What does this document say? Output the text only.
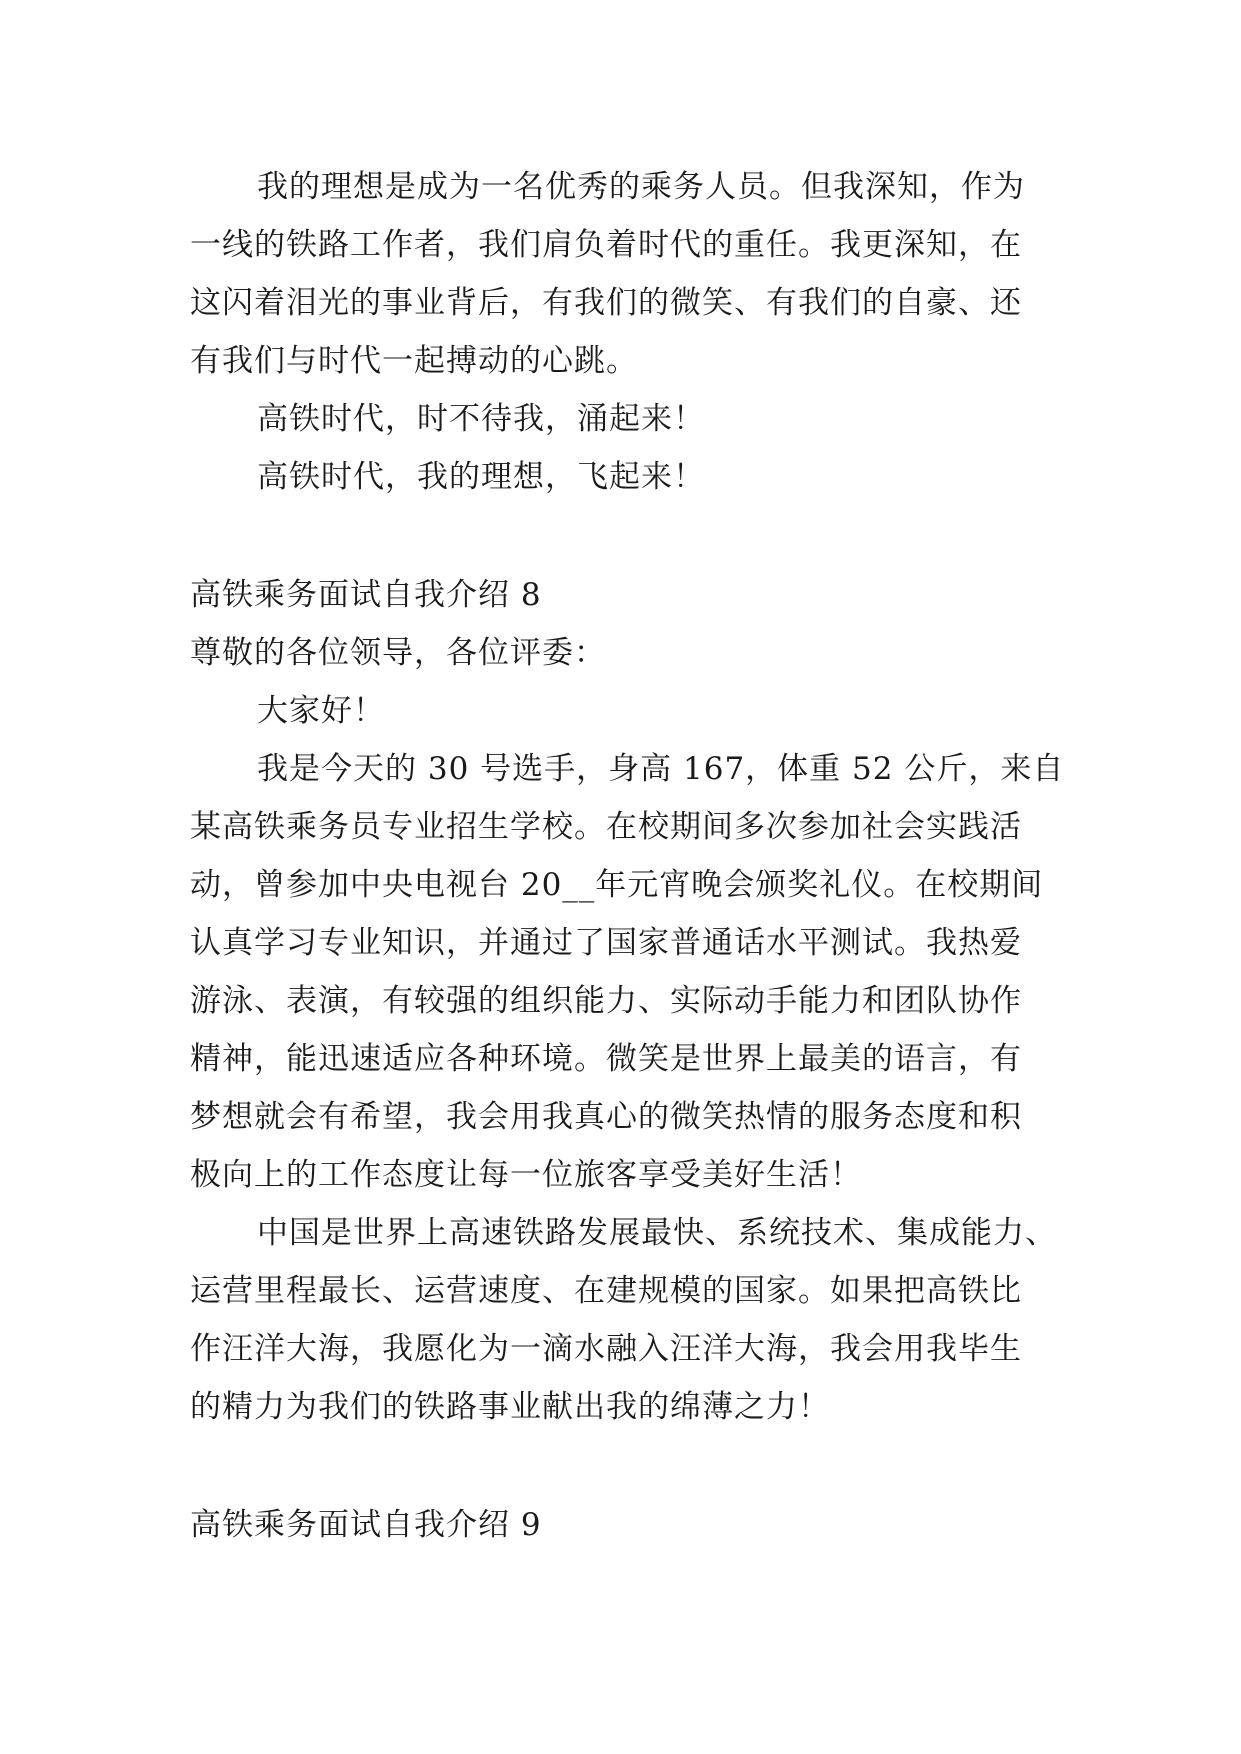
我的理想是成为一名优秀的乘务人员。但我深知，作为
一线的铁路工作者，我们肩负着时代的重任。我更深知，在
这闪着泪光的事业背后，有我们的微笑、有我们的自豪、还
有我们与时代一起搏动的心跳。
高铁时代，时不待我，涌起来！
高铁时代，我的理想，飞起来！
高铁乘务面试自我介绍 8
尊敬的各位领导，各位评委：
大家好！
我是今天的 30 号选手，身高 167，体重 52 公斤，来自
某高铁乘务员专业招生学校。在校期间多次参加社会实践活
动，曾参加中央电视台 20__年元宵晚会颁奖礼仪。在校期间
认真学习专业知识，并通过了国家普通话水平测试。我热爱
游泳、表演，有较强的组织能力、实际动手能力和团队协作
精神，能迅速适应各种环境。微笑是世界上最美的语言，有
梦想就会有希望，我会用我真心的微笑热情的服务态度和积
极向上的工作态度让每一位旅客享受美好生活！
中国是世界上高速铁路发展最快、系统技术、集成能力、
运营里程最长、运营速度、在建规模的国家。如果把高铁比
作汪洋大海，我愿化为一滴水融入汪洋大海，我会用我毕生
的精力为我们的铁路事业献出我的绵薄之力！
高铁乘务面试自我介绍 9
